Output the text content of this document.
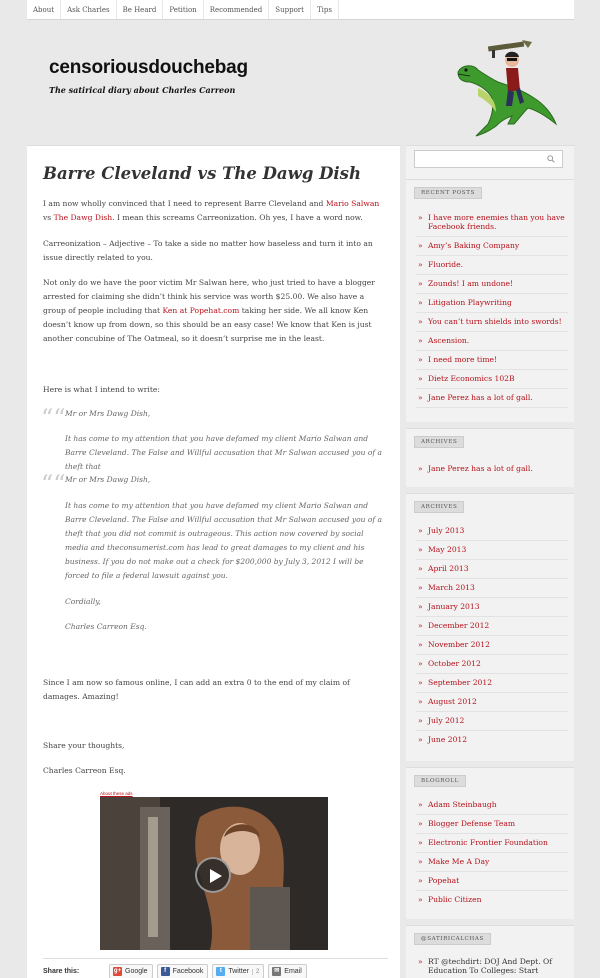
About	Ask Charles	Be Heard	Petition	Recommended	Support	Tips
censoriousdouchebag
The satirical diary about Charles Carreon
Barre Cleveland vs The Dawg Dish

I am now wholly convinced that I need to represent Barre Cleveland and Mario Salwan vs The Dawg Dish. I mean this screams Carreonization. Oh yes, I have a word now.

Carreonization – Adjective – To take a side no matter how baseless and turn it into an issue directly related to you.

Not only do we have the poor victim Mr Salwan here, who just tried to have a blogger arrested for claiming she didn’t think his service was worth $25.00. We also have a group of people including that Ken at Popehat.com taking her side. We all know Ken doesn’t know up from down, so this should be an easy case! We know that Ken is just another concubine of The Oatmeal, so it doesn’t surprise me in the least.

Here is what I intend to write:

““ Mr or Mrs Dawg Dish,

It has come to my attention that you have defamed my client Mario Salwan and Barre Cleveland. The False and Willful accusation that Mr Salwan accused you of a theft that

““ Mr or Mrs Dawg Dish,

It has come to my attention that you have defamed my client Mario Salwan and Barre Cleveland. The False and Willful accusation that Mr Salwan accused you of a theft that you did not commit is outrageous. This action now covered by social media and theconsumerist.com has lead to great damages to my client and his business. If you do not make out a check for $200,000 by July 3, 2012 I will be forced to file a federal lawsuit against you.

Cordially,

Charles Carreon Esq.

Since I am now so famous online, I can add an extra 0 to the end of my claim of damages. Amazing!

Share your thoughts,

Charles Carreon Esq.

About these ads
Share this:	g+ Google	f Facebook	t Twitter	2	✉ Email
RECENT POSTS
» I have more enemies than you have Facebook friends.
» Amy’s Baking Company
» Fluoride.
» Zounds! I am undone!
» Litigation Playwriting
» You can’t turn shields into swords!
» Ascension.
» I need more time!
» Dietz Economics 102B
» Jane Perez has a lot of gall.
ARCHIVES
» Jane Perez has a lot of gall.
ARCHIVES
» July 2013
» May 2013
» April 2013
» March 2013
» January 2013
» December 2012
» November 2012
» October 2012
» September 2012
» August 2012
» July 2012
» June 2012
BLOGROLL
» Adam Steinbaugh
» Blogger Defense Team
» Electronic Frontier Foundation
» Make Me A Day
» Popehat
» Public Citizen
@SATIRICALCHAS
» RT @techdirt: DOJ And Dept. Of Education To Colleges: Start
